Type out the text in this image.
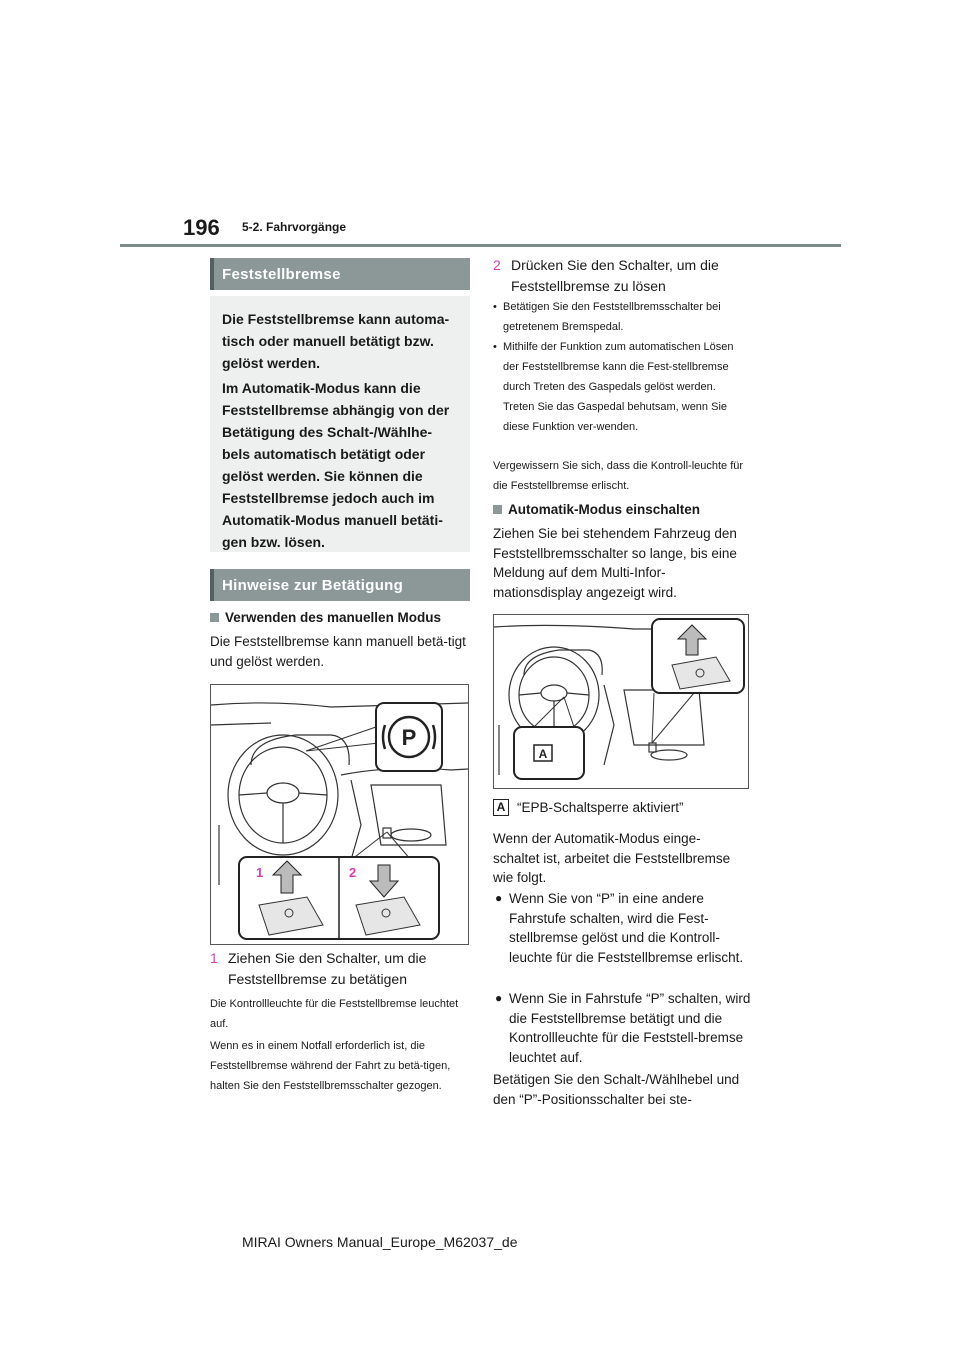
196 5-2. Fahrvorgänge
Feststellbremse

Die Feststellbremse kann automa-tisch oder manuell betätigt bzw. gelöst werden.

Im Automatik-Modus kann die Feststellbremse abhängig von der Betätigung des Schalt-/Wählhe-bels automatisch betätigt oder gelöst werden. Sie können die Feststellbremse jedoch auch im Automatik-Modus manuell betäti-gen bzw. lösen.

Hinweise zur Betätigung
Verwenden des manuellen Modus
Die Feststellbremse kann manuell betä-tigt und gelöst werden.
P
1	2
1 Ziehen Sie den Schalter, um die Feststellbremse zu betätigen
Die Kontrollleuchte für die Feststellbremse leuchtet auf.
Wenn es in einem Notfall erforderlich ist, die Feststellbremse während der Fahrt zu betä-tigen, halten Sie den Feststellbremsschalter gezogen.
2 Drücken Sie den Schalter, um die Feststellbremse zu lösen
• Betätigen Sie den Feststellbremsschalter bei getretenem Bremspedal.
• Mithilfe der Funktion zum automatischen Lösen der Feststellbremse kann die Fest-stellbremse durch Treten des Gaspedals gelöst werden. Treten Sie das Gaspedal behutsam, wenn Sie diese Funktion ver-wenden.
Vergewissern Sie sich, dass die Kontroll-leuchte für die Feststellbremse erlischt.
Automatik-Modus einschalten
Ziehen Sie bei stehendem Fahrzeug den Feststellbremsschalter so lange, bis eine Meldung auf dem Multi-Infor-mationsdisplay angezeigt wird.
A
A “EPB-Schaltsperre aktiviert”
Wenn der Automatik-Modus einge-schaltet ist, arbeitet die Feststellbremse wie folgt.
● Wenn Sie von “P” in eine andere Fahrstufe schalten, wird die Fest-stellbremse gelöst und die Kontroll-leuchte für die Feststellbremse erlischt.
● Wenn Sie in Fahrstufe “P” schalten, wird die Feststellbremse betätigt und die Kontrollleuchte für die Feststell-bremse leuchtet auf.
Betätigen Sie den Schalt-/Wählhebel und den “P”-Positionsschalter bei ste-
MIRAI Owners Manual_Europe_M62037_de
